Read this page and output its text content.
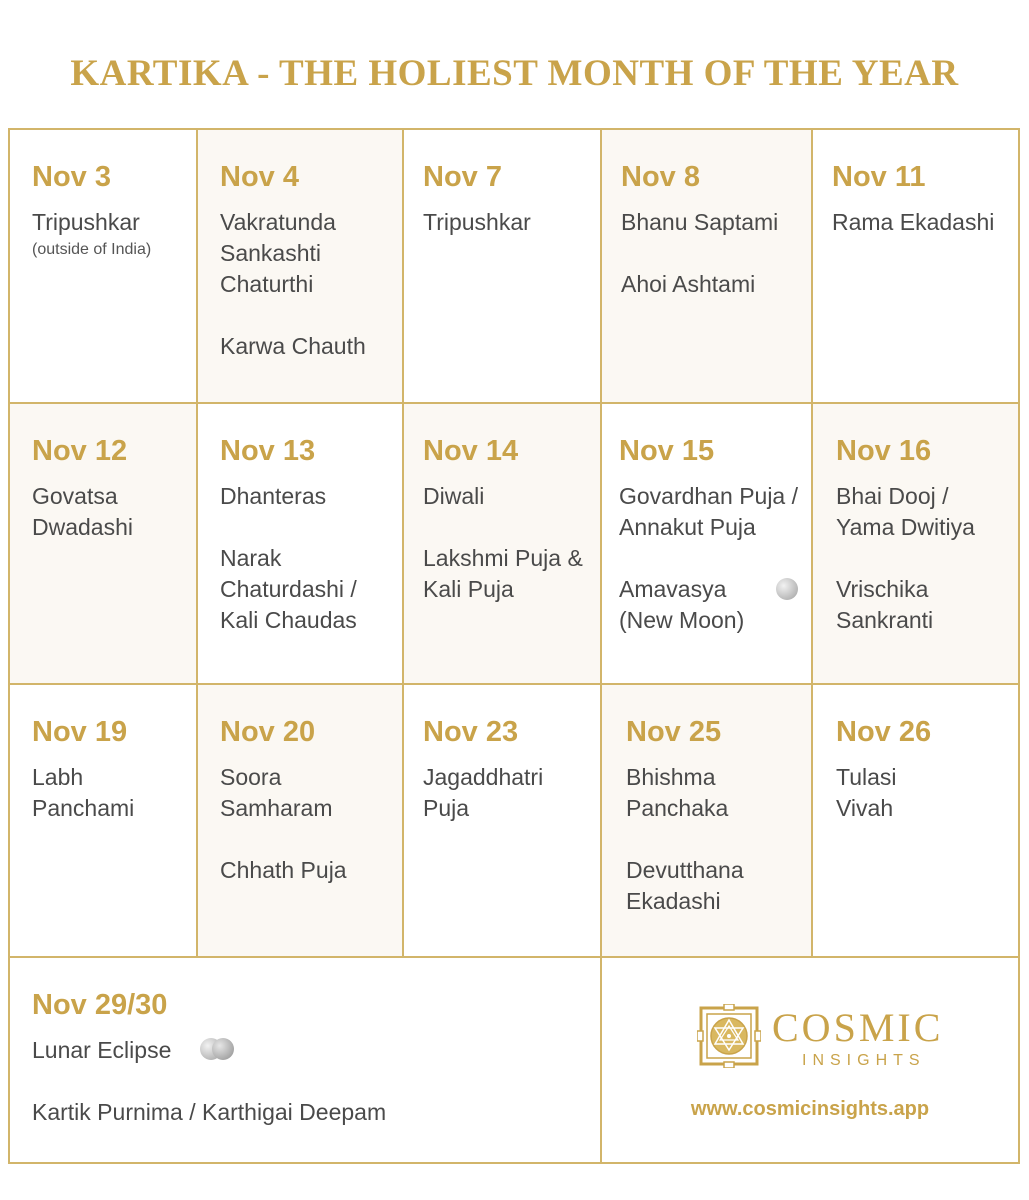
KARTIKA - THE HOLIEST MONTH OF THE YEAR
Nov 3
Tripushkar
(outside of India)
Nov 4
Vakratunda Sankashti Chaturthi
Karwa Chauth
Nov 7
Tripushkar
Nov 8
Bhanu Saptami
Ahoi Ashtami
Nov 11
Rama Ekadashi
Nov 12
Govatsa Dwadashi
Nov 13
Dhanteras
Narak Chaturdashi / Kali Chaudas
Nov 14
Diwali
Lakshmi Puja & Kali Puja
Nov 15
Govardhan Puja / Annakut Puja
Amavasya (New Moon)
Nov 16
Bhai Dooj / Yama Dwitiya
Vrischika Sankranti
Nov 19
Labh Panchami
Nov 20
Soora Samharam
Chhath Puja
Nov 23
Jagaddhatri Puja
Nov 25
Bhishma Panchaka
Devutthana Ekadashi
Nov 26
Tulasi Vivah
Nov 29/30
Lunar Eclipse
Kartik Purnima / Karthigai Deepam
COSMIC
INSIGHTS
www.cosmicinsights.app
